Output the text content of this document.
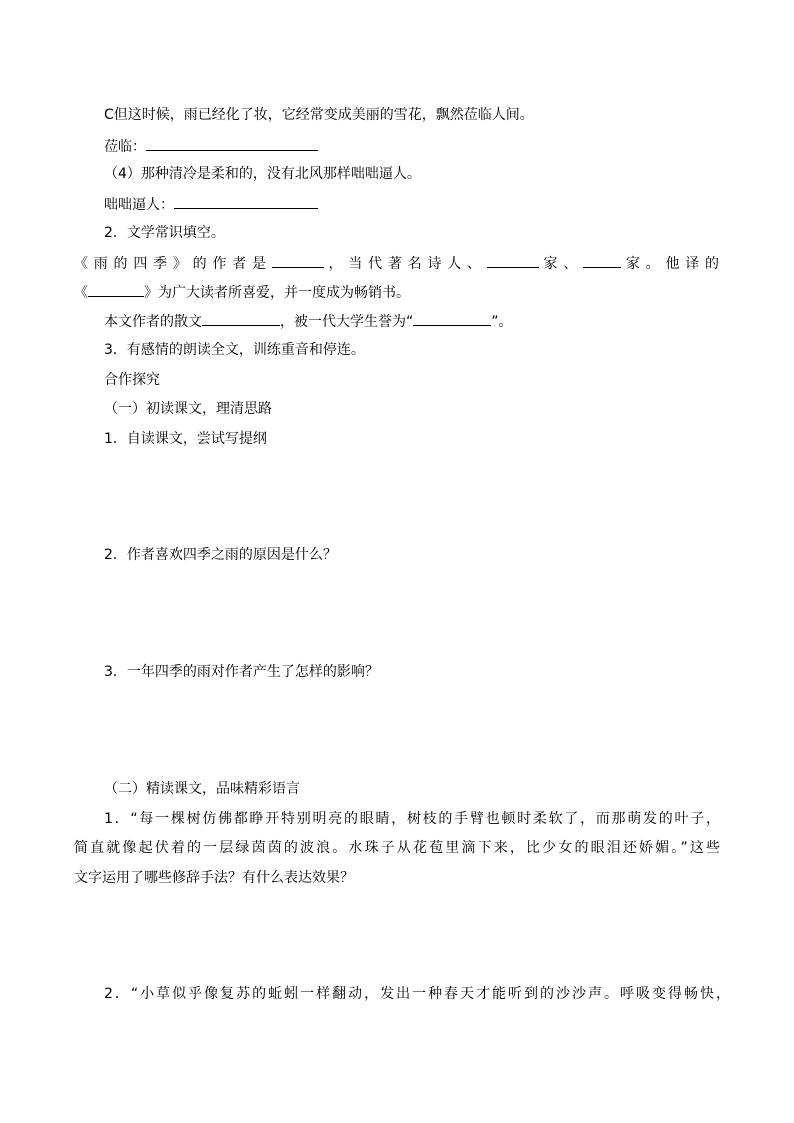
C但这时候，雨已经化了妆，它经常变成美丽的雪花，飘然莅临人间。
莅临：
（4）那种清冷是柔和的，没有北风那样咄咄逼人。
咄咄逼人：
2．文学常识填空。
《雨的四季》的作者是	，当代著名诗人、	家、	家。他译的
《	》为广大读者所喜爱，并一度成为畅销书。
本文作者的散文	，被一代大学生誉为“	”。
3．有感情的朗读全文，训练重音和停连。
合作探究
（一）初读课文，理清思路
1．自读课文，尝试写提纲
2．作者喜欢四季之雨的原因是什么？
3．一年四季的雨对作者产生了怎样的影响？
（二）精读课文，品味精彩语言
1．“每一棵树仿佛都睁开特别明亮的眼睛，树枝的手臂也顿时柔软了，而那萌发的叶子，
简直就像起伏着的一层绿茵茵的波浪。水珠子从花苞里滴下来，比少女的眼泪还娇媚。”这些
文字运用了哪些修辞手法？有什么表达效果？
2．“小草似乎像复苏的蚯蚓一样翻动，发出一种春天才能听到的沙沙声。呼吸变得畅快，
